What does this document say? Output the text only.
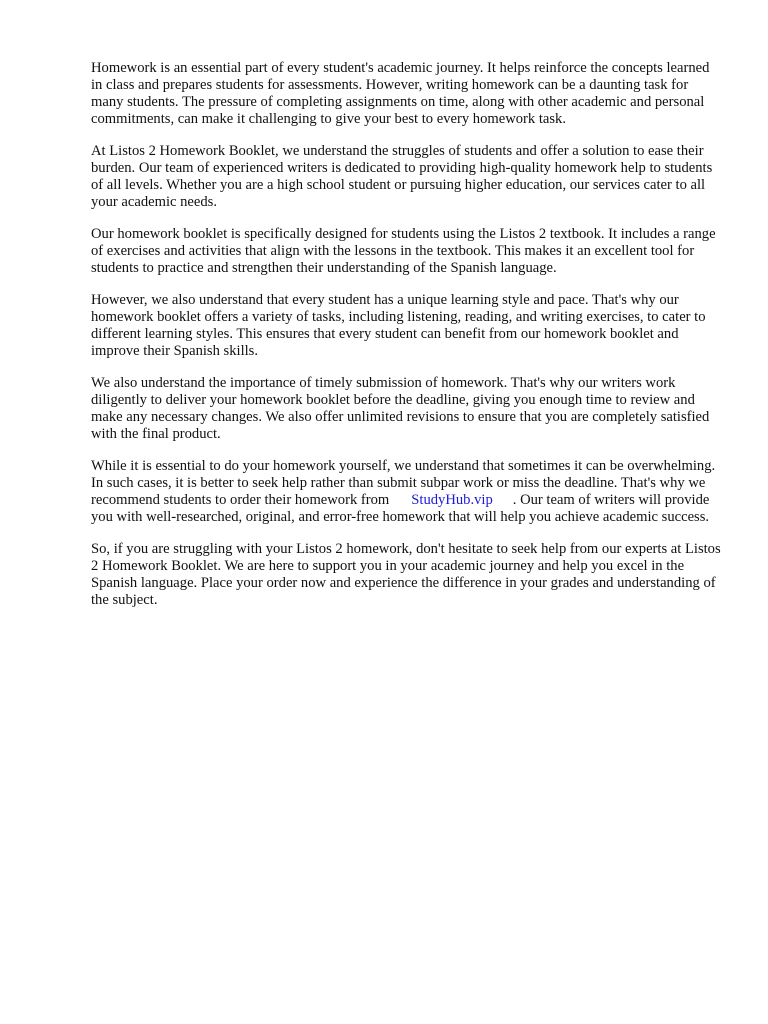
Homework is an essential part of every student's academic journey. It helps reinforce the concepts learned in class and prepares students for assessments. However, writing homework can be a daunting task for many students. The pressure of completing assignments on time, along with other academic and personal commitments, can make it challenging to give your best to every homework task.

At Listos 2 Homework Booklet, we understand the struggles of students and offer a solution to ease their burden. Our team of experienced writers is dedicated to providing high-quality homework help to students of all levels. Whether you are a high school student or pursuing higher education, our services cater to all your academic needs.

Our homework booklet is specifically designed for students using the Listos 2 textbook. It includes a range of exercises and activities that align with the lessons in the textbook. This makes it an excellent tool for students to practice and strengthen their understanding of the Spanish language.

However, we also understand that every student has a unique learning style and pace. That's why our homework booklet offers a variety of tasks, including listening, reading, and writing exercises, to cater to different learning styles. This ensures that every student can benefit from our homework booklet and improve their Spanish skills.

We also understand the importance of timely submission of homework. That's why our writers work diligently to deliver your homework booklet before the deadline, giving you enough time to review and make any necessary changes. We also offer unlimited revisions to ensure that you are completely satisfied with the final product.

While it is essential to do your homework yourself, we understand that sometimes it can be overwhelming. In such cases, it is better to seek help rather than submit subpar work or miss the deadline. That's why we recommend students to order their homework from StudyHub.vip . Our team of writers will provide you with well-researched, original, and error-free homework that will help you achieve academic success.

So, if you are struggling with your Listos 2 homework, don't hesitate to seek help from our experts at Listos 2 Homework Booklet. We are here to support you in your academic journey and help you excel in the Spanish language. Place your order now and experience the difference in your grades and understanding of the subject.
